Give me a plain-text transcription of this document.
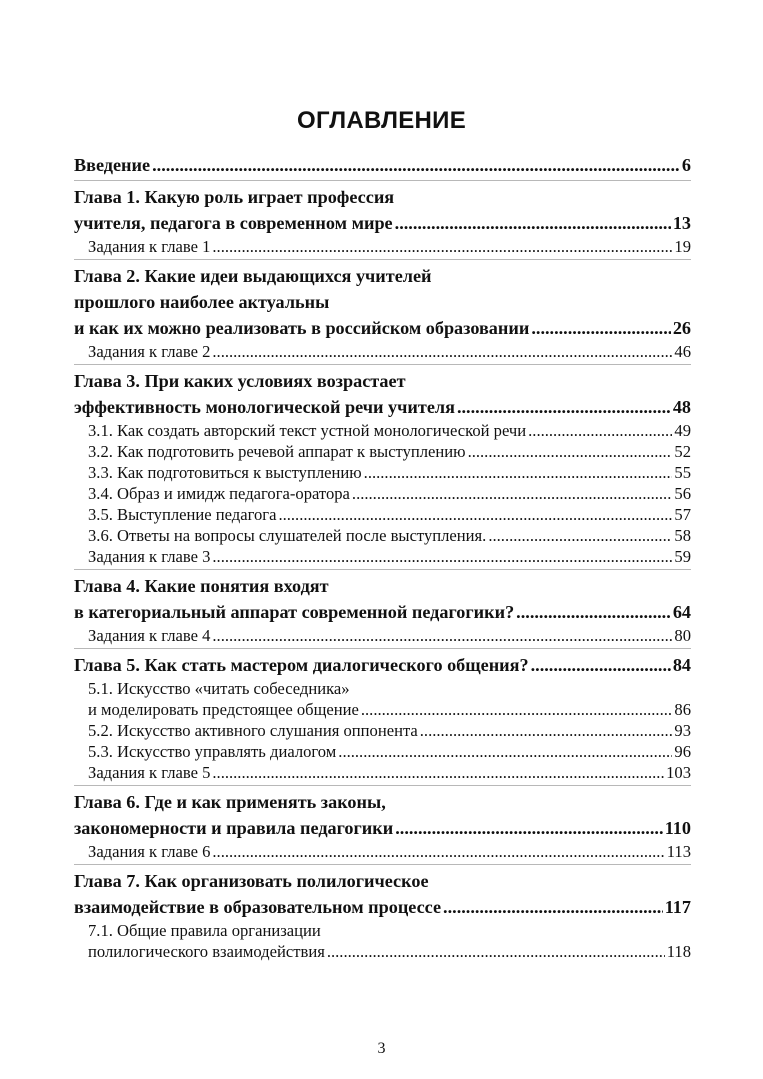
ОГЛАВЛЕНИЕ
Введение .....	6
Глава 1. Какую роль играет профессия
учителя, педагога в современном мире .....	13
Задания к главе 1 .....	19
Глава 2. Какие идеи выдающихся учителей
прошлого наиболее актуальны
и как их можно реализовать в российском образовании .....	26
Задания к главе 2 .....	46
Глава 3. При каких условиях возрастает
эффективность монологической речи учителя .....	48
3.1. Как создать авторский текст устной монологической речи .....	49
3.2. Как подготовить речевой аппарат к выступлению .....	52
3.3. Как подготовиться к выступлению .....	55
3.4. Образ и имидж педагога-оратора .....	56
3.5. Выступление педагога .....	57
3.6. Ответы на вопросы слушателей после выступления. .....	58
Задания к главе 3 .....	59
Глава 4. Какие понятия входят
в категориальный аппарат современной педагогики? .....	64
Задания к главе 4 .....	80
Глава 5. Как стать мастером диалогического общения? .....	84
5.1. Искусство «читать собеседника»
и моделировать предстоящее общение .....	86
5.2. Искусство активного слушания оппонента .....	93
5.3. Искусство управлять диалогом .....	96
Задания к главе 5 .....	103
Глава 6. Где и как применять законы,
закономерности и правила педагогики .....	110
Задания к главе 6 .....	113
Глава 7. Как организовать полилогическое
взаимодействие в образовательном процессе .....	117
7.1. Общие правила организации
полилогического взаимодействия .....	118
3
